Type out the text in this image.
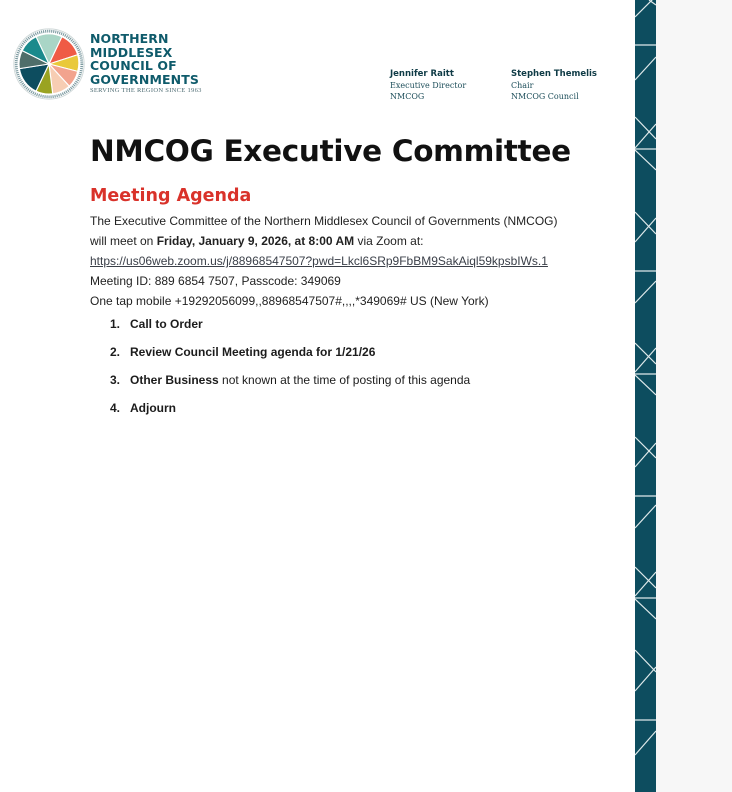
NORTHERN
MIDDLESEX
COUNCIL OF
GOVERNMENTS
SERVING THE REGION SINCE 1963
Jennifer Raitt
Executive Director
NMCOG
Stephen Themelis
Chair
NMCOG Council
NMCOG Executive Committee
Meeting Agenda

The Executive Committee of the Northern Middlesex Council of Governments (NMCOG)

will meet on Friday, January 9, 2026, at 8:00 AM via Zoom at:

https://us06web.zoom.us/j/88968547507?pwd=Lkcl6SRp9FbBM9SakAiql59kpsbIWs.1

Meeting ID: 889 6854 7507, Passcode: 349069

One tap mobile +19292056099,,88968547507#,,,,*349069# US (New York)

1. Call to Order
2. Review Council Meeting agenda for 1/21/26
3. Other Business not known at the time of posting of this agenda
4. Adjourn
